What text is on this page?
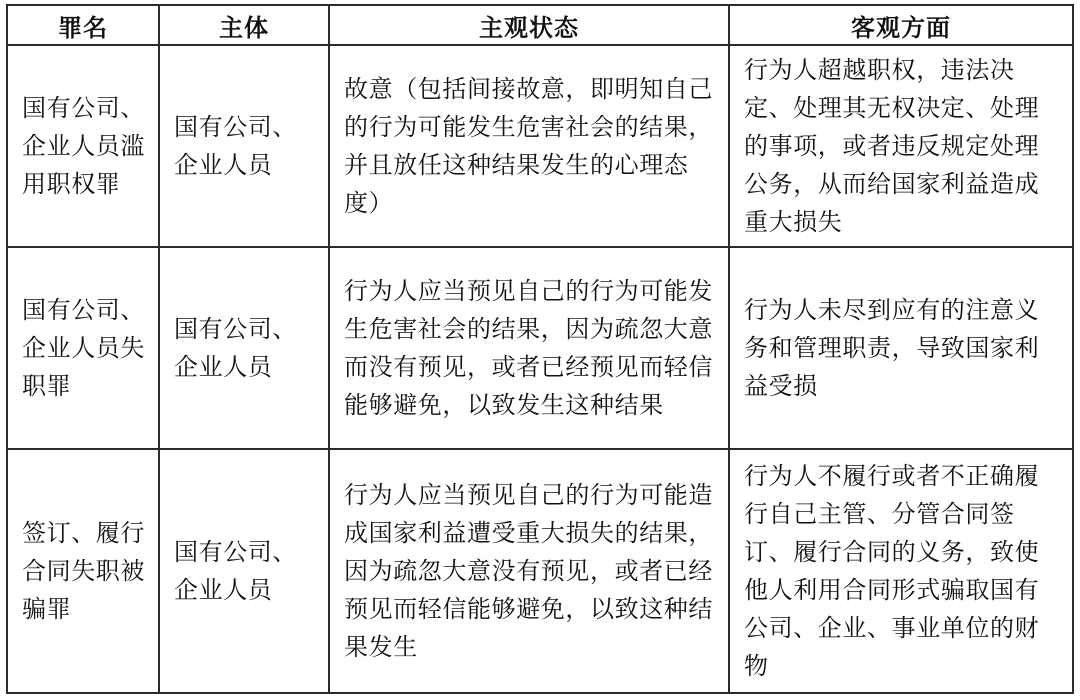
罪名	主体	主观状态	客观方面

国有公司、企业人员滥用职权罪	国有公司、企业人员	故意（包括间接故意，即明知自己的行为可能发生危害社会的结果，并且放任这种结果发生的心理态度）	行为人超越职权，违法决定、处理其无权决定、处理的事项，或者违反规定处理公务，从而给国家利益造成重大损失

国有公司、企业人员失职罪	国有公司、企业人员	行为人应当预见自己的行为可能发生危害社会的结果，因为疏忽大意而没有预见，或者已经预见而轻信能够避免，以致发生这种结果	行为人未尽到应有的注意义务和管理职责，导致国家利益受损

签订、履行合同失职被骗罪	国有公司、企业人员	行为人应当预见自己的行为可能造成国家利益遭受重大损失的结果，因为疏忽大意没有预见，或者已经预见而轻信能够避免，以致这种结果发生	行为人不履行或者不正确履行自己主管、分管合同签订、履行合同的义务，致使他人利用合同形式骗取国有公司、企业、事业单位的财物
